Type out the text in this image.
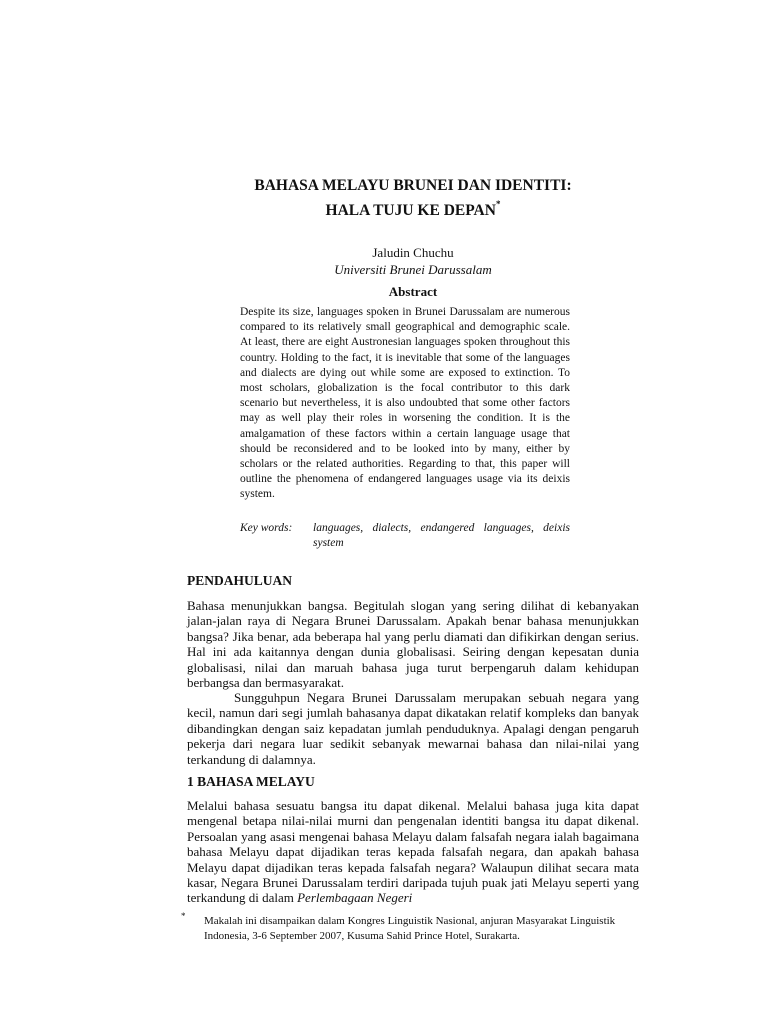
BAHASA MELAYU BRUNEI DAN IDENTITI:
HALA TUJU KE DEPAN*
Jaludin Chuchu
Universiti Brunei Darussalam
Abstract

Despite its size, languages spoken in Brunei Darussalam are numerous compared to its relatively small geographical and demographic scale. At least, there are eight Austronesian languages spoken throughout this country. Holding to the fact, it is inevitable that some of the languages and dialects are dying out while some are exposed to extinction. To most scholars, globalization is the focal contributor to this dark scenario but nevertheless, it is also undoubted that some other factors may as well play their roles in worsening the condition. It is the amalgamation of these factors within a certain language usage that should be reconsidered and to be looked into by many, either by scholars or the related authorities. Regarding to that, this paper will outline the phenomena of endangered languages usage via its deixis system.

Key words:	languages, dialects, endangered languages, deixis system
PENDAHULUAN

Bahasa menunjukkan bangsa. Begitulah slogan yang sering dilihat di kebanyakan jalan-jalan raya di Negara Brunei Darussalam. Apakah benar bahasa menunjukkan bangsa? Jika benar, ada beberapa hal yang perlu diamati dan difikirkan dengan serius. Hal ini ada kaitannya dengan dunia globalisasi. Seiring dengan kepesatan dunia globalisasi, nilai dan maruah bahasa juga turut berpengaruh dalam kehidupan berbangsa dan bermasyarakat.

Sungguhpun Negara Brunei Darussalam merupakan sebuah negara yang kecil, namun dari segi jumlah bahasanya dapat dikatakan relatif kompleks dan banyak dibandingkan dengan saiz kepadatan jumlah penduduknya. Apalagi dengan pengaruh pekerja dari negara luar sedikit sebanyak mewarnai bahasa dan nilai-nilai yang terkandung di dalamnya.

1 BAHASA MELAYU

Melalui bahasa sesuatu bangsa itu dapat dikenal. Melalui bahasa juga kita dapat mengenal betapa nilai-nilai murni dan pengenalan identiti bangsa itu dapat dikenal. Persoalan yang asasi mengenai bahasa Melayu dalam falsafah negara ialah bagaimana bahasa Melayu dapat dijadikan teras kepada falsafah negara, dan apakah bahasa Melayu dapat dijadikan teras kepada falsafah negara? Walaupun dilihat secara mata kasar, Negara Brunei Darussalam terdiri daripada tujuh puak jati Melayu seperti yang terkandung di dalam Perlembagaan Negeri

* Makalah ini disampaikan dalam Kongres Linguistik Nasional, anjuran Masyarakat Linguistik Indonesia, 3-6 September 2007, Kusuma Sahid Prince Hotel, Surakarta.
